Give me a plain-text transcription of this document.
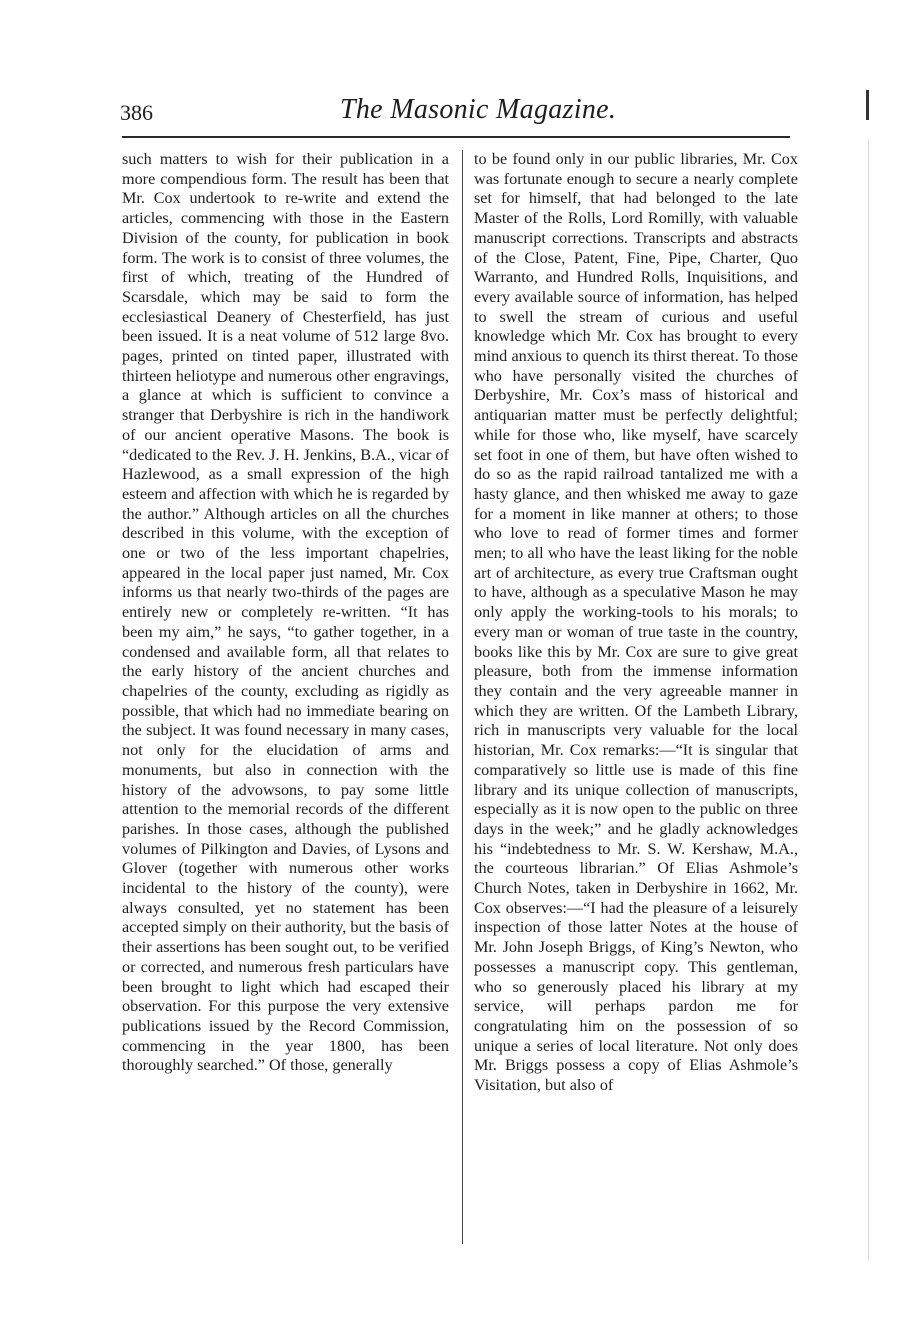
386	The Masonic Magazine.
such matters to wish for their publication in a more compendious form. The result has been that Mr. Cox undertook to re-write and extend the articles, commencing with those in the Eastern Division of the county, for publication in book form. The work is to consist of three volumes, the first of which, treating of the Hundred of Scarsdale, which may be said to form the ecclesiastical Deanery of Chesterfield, has just been issued. It is a neat volume of 512 large 8vo. pages, printed on tinted paper, illustrated with thirteen heliotype and numerous other engravings, a glance at which is sufficient to convince a stranger that Derbyshire is rich in the handiwork of our ancient operative Masons. The book is “dedicated to the Rev. J. H. Jenkins, B.A., vicar of Hazlewood, as a small expression of the high esteem and affection with which he is regarded by the author.” Although articles on all the churches described in this volume, with the exception of one or two of the less important chapelries, appeared in the local paper just named, Mr. Cox informs us that nearly two-thirds of the pages are entirely new or completely re-written. “It has been my aim,” he says, “to gather together, in a condensed and available form, all that relates to the early history of the ancient churches and chapelries of the county, excluding as rigidly as possible, that which had no immediate bearing on the subject. It was found necessary in many cases, not only for the elucidation of arms and monuments, but also in connection with the history of the advowsons, to pay some little attention to the memorial records of the different parishes. In those cases, although the published volumes of Pilkington and Davies, of Lysons and Glover (together with numerous other works incidental to the history of the county), were always consulted, yet no statement has been accepted simply on their authority, but the basis of their assertions has been sought out, to be verified or corrected, and numerous fresh particulars have been brought to light which had escaped their observation. For this purpose the very extensive publications issued by the Record Commission, commencing in the year 1800, has been thoroughly searched.” Of those, generally
to be found only in our public libraries, Mr. Cox was fortunate enough to secure a nearly complete set for himself, that had belonged to the late Master of the Rolls, Lord Romilly, with valuable manuscript corrections. Transcripts and abstracts of the Close, Patent, Fine, Pipe, Charter, Quo Warranto, and Hundred Rolls, Inquisitions, and every available source of information, has helped to swell the stream of curious and useful knowledge which Mr. Cox has brought to every mind anxious to quench its thirst thereat. To those who have personally visited the churches of Derbyshire, Mr. Cox’s mass of historical and antiquarian matter must be perfectly delightful; while for those who, like myself, have scarcely set foot in one of them, but have often wished to do so as the rapid railroad tantalized me with a hasty glance, and then whisked me away to gaze for a moment in like manner at others; to those who love to read of former times and former men; to all who have the least liking for the noble art of architecture, as every true Craftsman ought to have, although as a speculative Mason he may only apply the working-tools to his morals; to every man or woman of true taste in the country, books like this by Mr. Cox are sure to give great pleasure, both from the immense information they contain and the very agreeable manner in which they are written. Of the Lambeth Library, rich in manuscripts very valuable for the local historian, Mr. Cox remarks:—“It is singular that comparatively so little use is made of this fine library and its unique collection of manuscripts, especially as it is now open to the public on three days in the week;” and he gladly acknowledges his “indebtedness to Mr. S. W. Kershaw, M.A., the courteous librarian.” Of Elias Ashmole’s Church Notes, taken in Derbyshire in 1662, Mr. Cox observes:—“I had the pleasure of a leisurely inspection of those latter Notes at the house of Mr. John Joseph Briggs, of King’s Newton, who possesses a manuscript copy. This gentleman, who so generously placed his library at my service, will perhaps pardon me for congratulating him on the possession of so unique a series of local literature. Not only does Mr. Briggs possess a copy of Elias Ashmole’s Visitation, but also of
